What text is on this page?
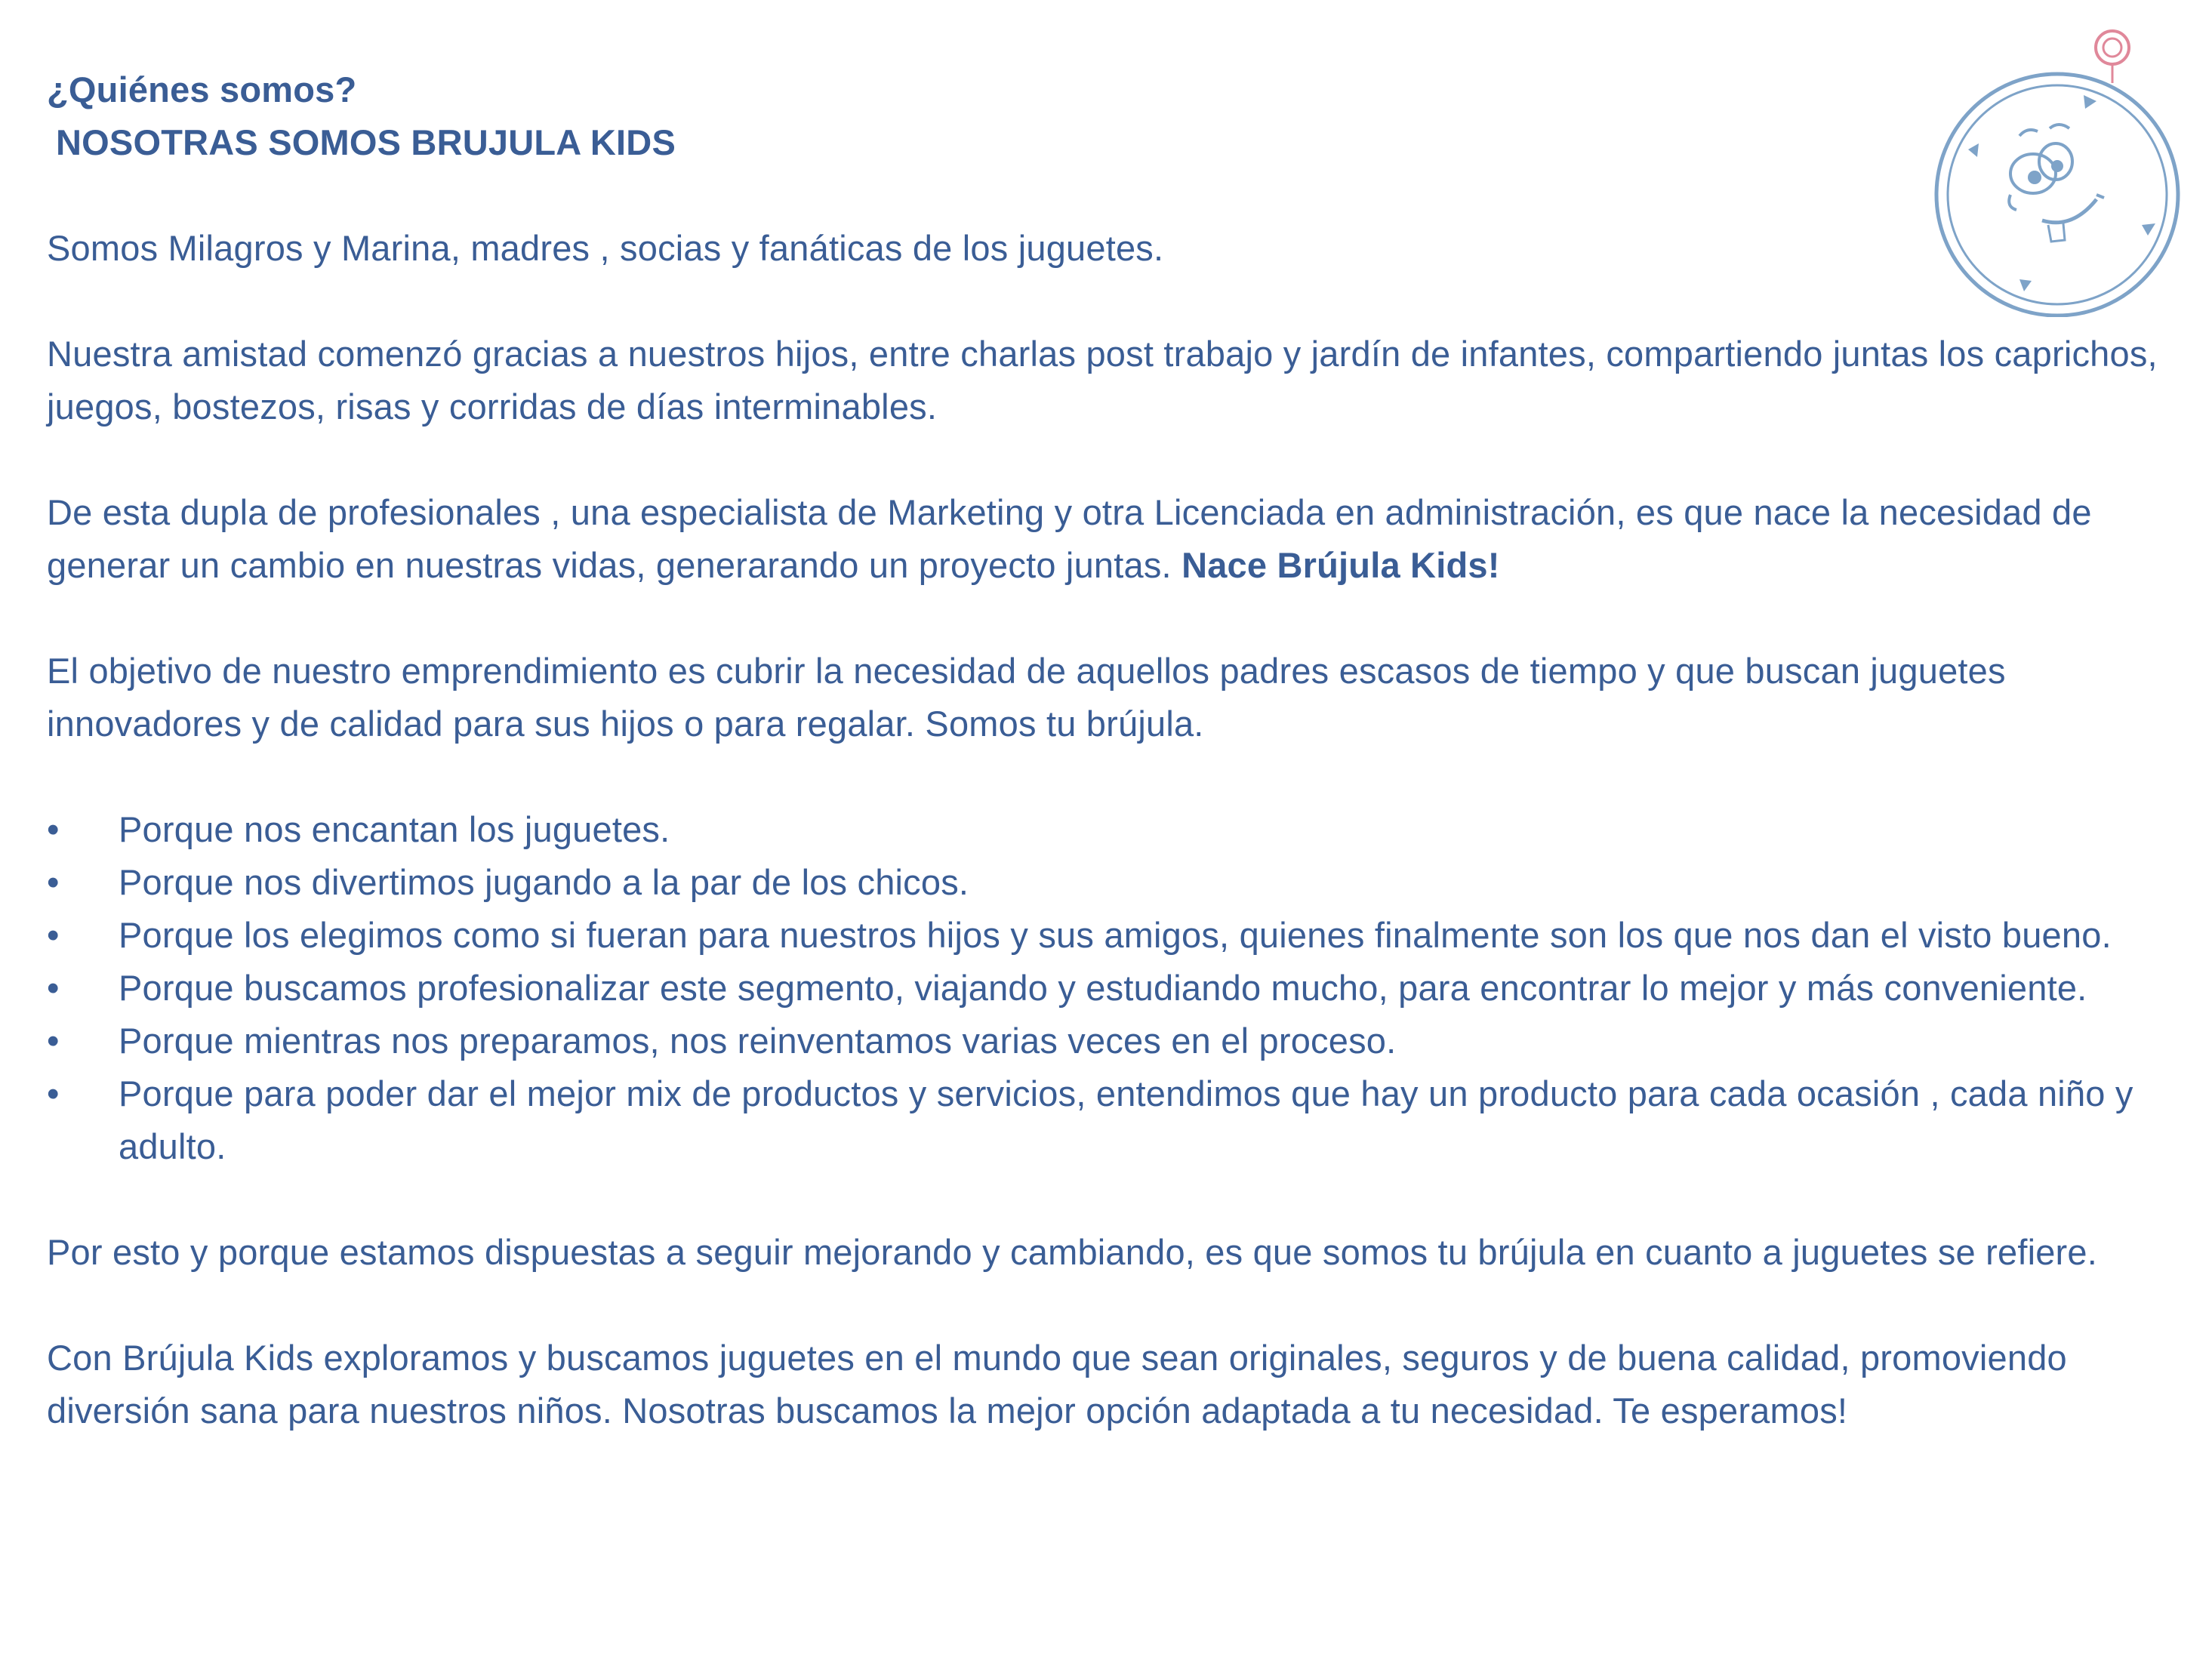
¿Quiénes somos?

NOSOTRAS SOMOS BRUJULA KIDS

Somos Milagros y Marina, madres , socias y fanáticas de los juguetes.

Nuestra amistad comenzó gracias a nuestros hijos, entre charlas post trabajo y jardín de infantes, compartiendo juntas los caprichos, juegos, bostezos, risas y corridas de días interminables.

De esta dupla de profesionales , una especialista de Marketing y otra Licenciada en administración, es que nace la necesidad de generar un cambio en nuestras vidas, generarando un proyecto juntas. Nace Brújula Kids!

El objetivo de nuestro emprendimiento es cubrir la necesidad de aquellos padres escasos de tiempo y que buscan juguetes innovadores y de calidad para sus hijos o para regalar. Somos tu brújula.

• Porque nos encantan los juguetes.
• Porque nos divertimos jugando a la par de los chicos.
• Porque los elegimos como si fueran para nuestros hijos y sus amigos, quienes finalmente son los que nos dan el visto bueno.
• Porque buscamos profesionalizar este segmento, viajando y estudiando mucho, para encontrar lo mejor y más conveniente.
• Porque mientras nos preparamos, nos reinventamos varias veces en el proceso.
• Porque para poder dar el mejor mix de productos y servicios, entendimos que hay un producto para cada ocasión , cada niño y adulto.

Por esto y porque estamos dispuestas a seguir mejorando y cambiando, es que somos tu brújula en cuanto a juguetes se refiere.

Con Brújula Kids exploramos y buscamos juguetes en el mundo que sean originales, seguros y de buena calidad, promoviendo diversión sana para nuestros niños. Nosotras buscamos la mejor opción adaptada a tu necesidad. Te esperamos!
